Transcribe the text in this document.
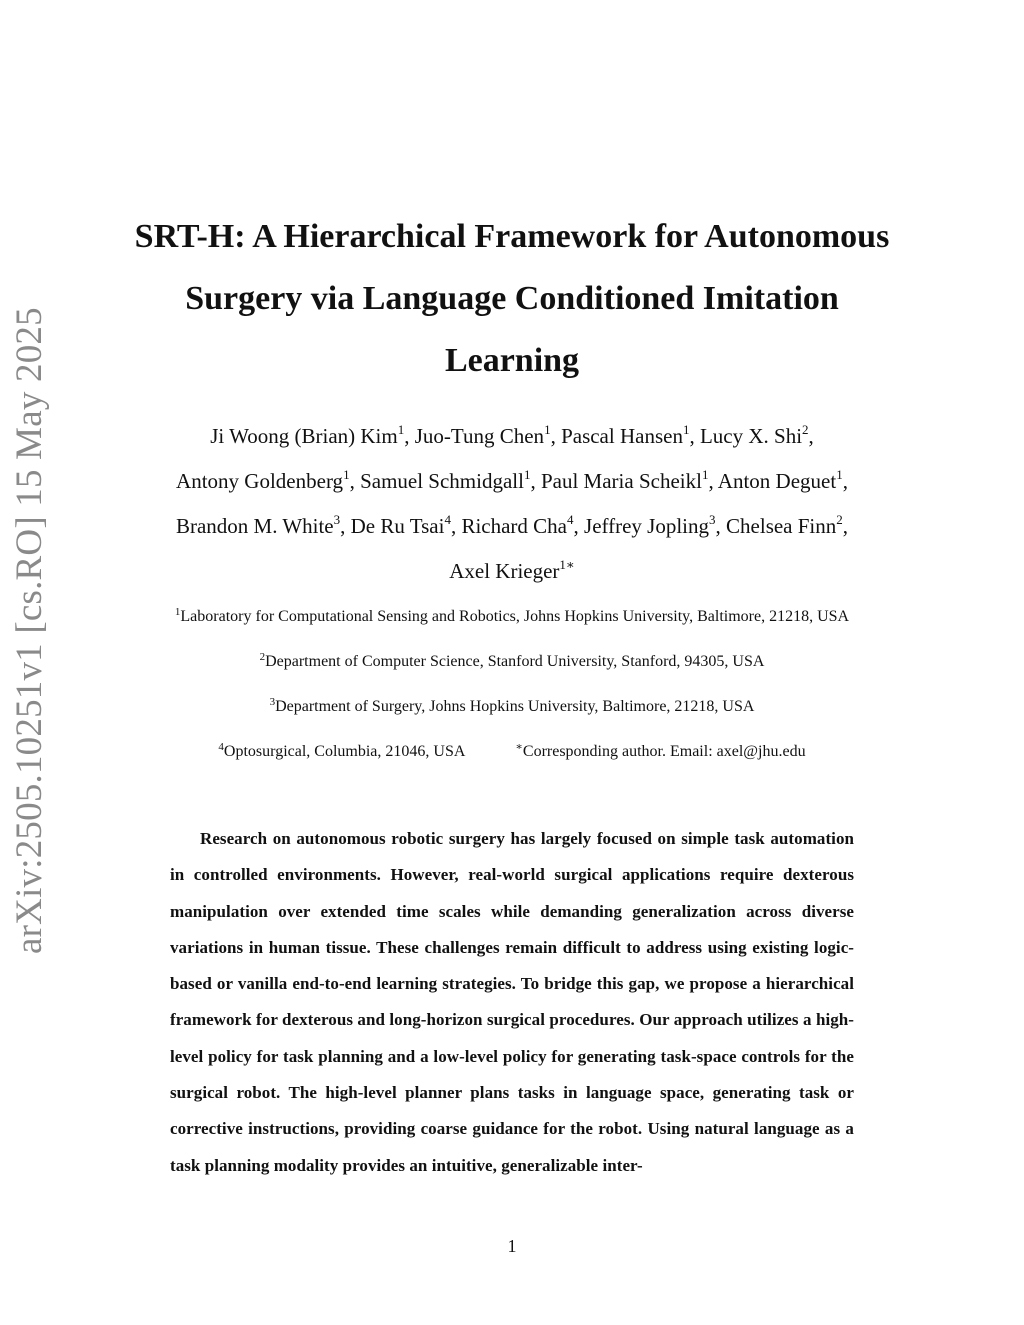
arXiv:2505.10251v1 [cs.RO] 15 May 2025
SRT-H: A Hierarchical Framework for Autonomous
Surgery via Language Conditioned Imitation
Learning
Ji Woong (Brian) Kim$^1$, Juo-Tung Chen$^1$, Pascal Hansen$^1$, Lucy X. Shi$^2$,
Antony Goldenberg$^1$, Samuel Schmidgall$^1$, Paul Maria Scheikl$^1$, Anton Deguet$^1$,
Brandon M. White$^3$, De Ru Tsai$^4$, Richard Cha$^4$, Jeffrey Jopling$^3$, Chelsea Finn$^2$,
Axel Krieger$^{1∗}$
$^1$Laboratory for Computational Sensing and Robotics, Johns Hopkins University, Baltimore, 21218, USA
$^2$Department of Computer Science, Stanford University, Stanford, 94305, USA
$^3$Department of Surgery, Johns Hopkins University, Baltimore, 21218, USA
$^4$Optosurgical, Columbia, 21046, USA	∗Corresponding author. Email: axel@jhu.edu

Research on autonomous robotic surgery has largely focused on simple task automation in controlled environments. However, real-world surgical applications require dexterous manipulation over extended time scales while demanding generalization across diverse variations in human tissue. These challenges remain difficult to address using existing logic-based or vanilla end-to-end learning strategies. To bridge this gap, we propose a hierarchical framework for dexterous and long-horizon surgical procedures. Our approach utilizes a high-level policy for task planning and a low-level policy for generating task-space controls for the surgical robot. The high-level planner plans tasks in language space, generating task or corrective instructions, providing coarse guidance for the robot. Using natural language as a task planning modality provides an intuitive, generalizable inter-

1
